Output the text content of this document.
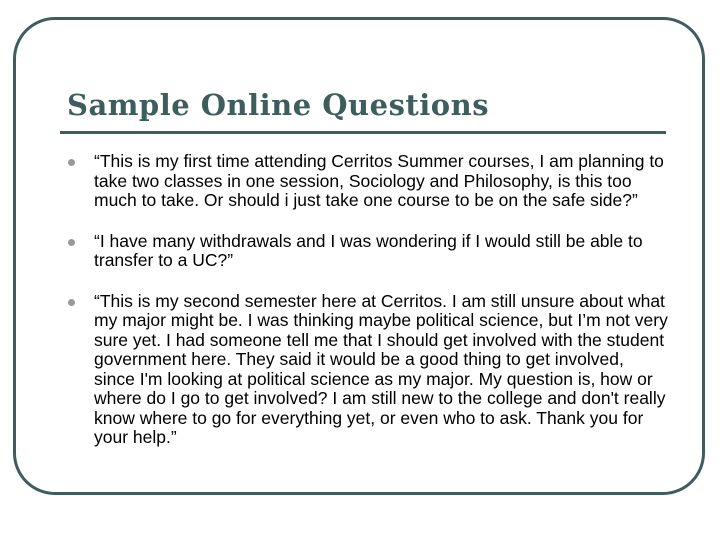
Sample Online Questions
“This is my first time attending Cerritos Summer courses, I am planning to take two classes in one session, Sociology and Philosophy, is this too much to take. Or should i just take one course to be on the safe side?”
“I have many withdrawals and I was wondering if I would still be able to transfer to a UC?”
“This is my second semester here at Cerritos. I am still unsure about what my major might be. I was thinking maybe political science, but I’m not very sure yet. I had someone tell me that I should get involved with the student government here. They said it would be a good thing to get involved, since I'm looking at political science as my major. My question is, how or where do I go to get involved? I am still new to the college and don't really know where to go for everything yet, or even who to ask. Thank you for your help.”
